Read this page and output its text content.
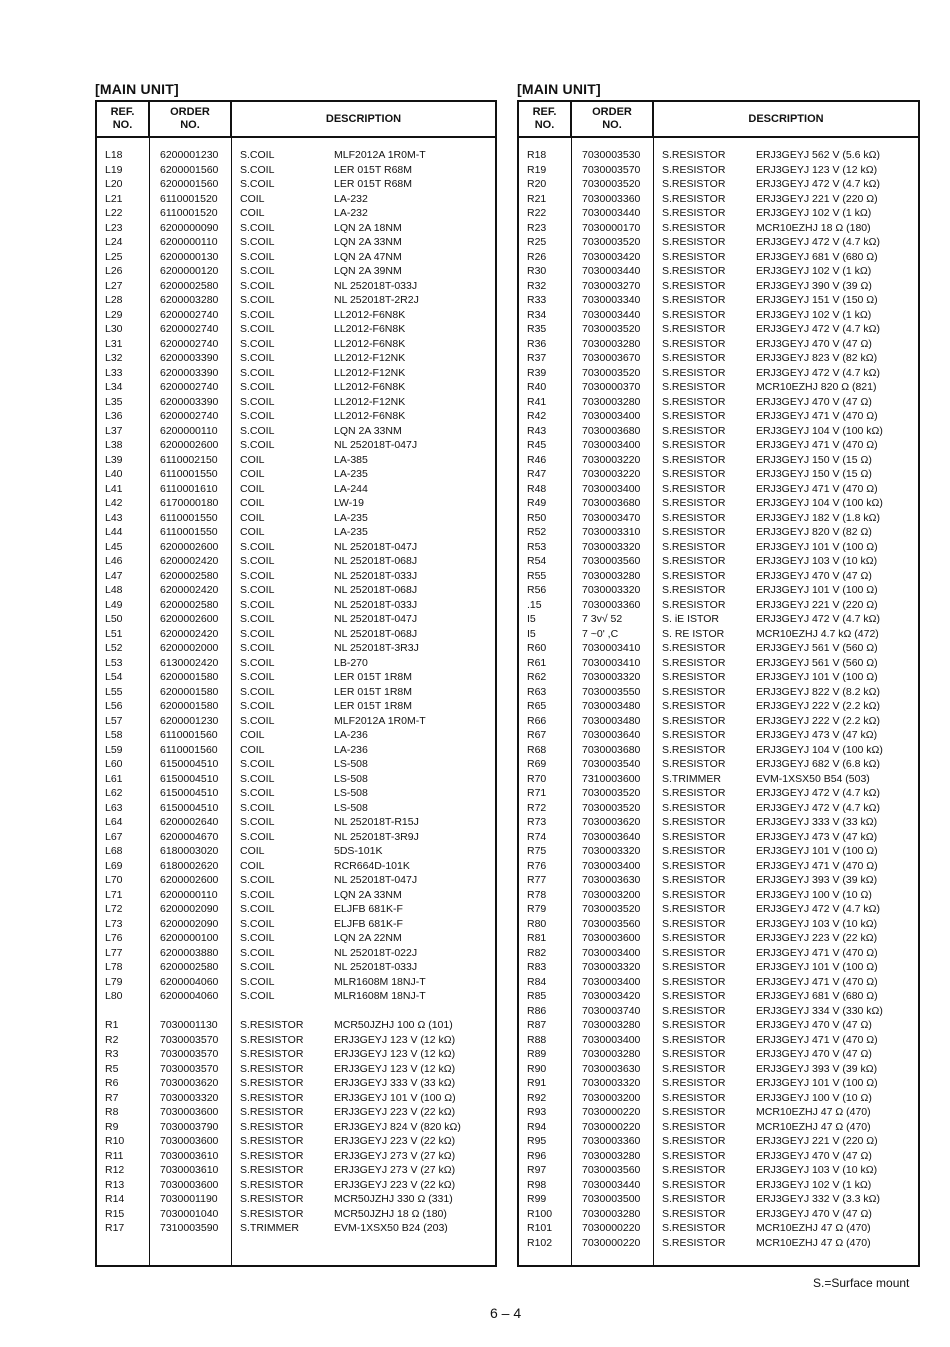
[MAIN UNIT]
REF.
NO.
ORDER
NO.
DESCRIPTION
L18	6200001230	S.COIL	MLF2012A 1R0M-T
L19	6200001560	S.COIL	LER 015T R68M
L20	6200001560	S.COIL	LER 015T R68M
L21	6110001520	COIL	LA-232
L22	6110001520	COIL	LA-232
L23	6200000090	S.COIL	LQN 2A 18NM
L24	6200000110	S.COIL	LQN 2A 33NM
L25	6200000130	S.COIL	LQN 2A 47NM
L26	6200000120	S.COIL	LQN 2A 39NM
L27	6200002580	S.COIL	NL 252018T-033J
L28	6200003280	S.COIL	NL 252018T-2R2J
L29	6200002740	S.COIL	LL2012-F6N8K
L30	6200002740	S.COIL	LL2012-F6N8K
L31	6200002740	S.COIL	LL2012-F6N8K
L32	6200003390	S.COIL	LL2012-F12NK
L33	6200003390	S.COIL	LL2012-F12NK
L34	6200002740	S.COIL	LL2012-F6N8K
L35	6200003390	S.COIL	LL2012-F12NK
L36	6200002740	S.COIL	LL2012-F6N8K
L37	6200000110	S.COIL	LQN 2A 33NM
L38	6200002600	S.COIL	NL 252018T-047J
L39	6110002150	COIL	LA-385
L40	6110001550	COIL	LA-235
L41	6110001610	COIL	LA-244
L42	6170000180	COIL	LW-19
L43	6110001550	COIL	LA-235
L44	6110001550	COIL	LA-235
L45	6200002600	S.COIL	NL 252018T-047J
L46	6200002420	S.COIL	NL 252018T-068J
L47	6200002580	S.COIL	NL 252018T-033J
L48	6200002420	S.COIL	NL 252018T-068J
L49	6200002580	S.COIL	NL 252018T-033J
L50	6200002600	S.COIL	NL 252018T-047J
L51	6200002420	S.COIL	NL 252018T-068J
L52	6200002000	S.COIL	NL 252018T-3R3J
L53	6130002420	S.COIL	LB-270
L54	6200001580	S.COIL	LER 015T 1R8M
L55	6200001580	S.COIL	LER 015T 1R8M
L56	6200001580	S.COIL	LER 015T 1R8M
L57	6200001230	S.COIL	MLF2012A 1R0M-T
L58	6110001560	COIL	LA-236
L59	6110001560	COIL	LA-236
L60	6150004510	S.COIL	LS-508
L61	6150004510	S.COIL	LS-508
L62	6150004510	S.COIL	LS-508
L63	6150004510	S.COIL	LS-508
L64	6200002640	S.COIL	NL 252018T-R15J
L67	6200004670	S.COIL	NL 252018T-3R9J
L68	6180003020	COIL	5DS-101K
L69	6180002620	COIL	RCR664D-101K
L70	6200002600	S.COIL	NL 252018T-047J
L71	6200000110	S.COIL	LQN 2A 33NM
L72	6200002090	S.COIL	ELJFB 681K-F
L73	6200002090	S.COIL	ELJFB 681K-F
L76	6200000100	S.COIL	LQN 2A 22NM
L77	6200003880	S.COIL	NL 252018T-022J
L78	6200002580	S.COIL	NL 252018T-033J
L79	6200004060	S.COIL	MLR1608M 18NJ-T
L80	6200004060	S.COIL	MLR1608M 18NJ-T
R1	7030001130	S.RESISTOR	MCR50JZHJ 100 Ω (101)
R2	7030003570	S.RESISTOR	ERJ3GEYJ 123 V (12 kΩ)
R3	7030003570	S.RESISTOR	ERJ3GEYJ 123 V (12 kΩ)
R5	7030003570	S.RESISTOR	ERJ3GEYJ 123 V (12 kΩ)
R6	7030003620	S.RESISTOR	ERJ3GEYJ 333 V (33 kΩ)
R7	7030003320	S.RESISTOR	ERJ3GEYJ 101 V (100 Ω)
R8	7030003600	S.RESISTOR	ERJ3GEYJ 223 V (22 kΩ)
R9	7030003790	S.RESISTOR	ERJ3GEYJ 824 V (820 kΩ)
R10	7030003600	S.RESISTOR	ERJ3GEYJ 223 V (22 kΩ)
R11	7030003610	S.RESISTOR	ERJ3GEYJ 273 V (27 kΩ)
R12	7030003610	S.RESISTOR	ERJ3GEYJ 273 V (27 kΩ)
R13	7030003600	S.RESISTOR	ERJ3GEYJ 223 V (22 kΩ)
R14	7030001190	S.RESISTOR	MCR50JZHJ 330 Ω (331)
R15	7030001040	S.RESISTOR	MCR50JZHJ 18 Ω (180)
R17	7310003590	S.TRIMMER	EVM-1XSX50 B24 (203)
[MAIN UNIT]
REF.
NO.
ORDER
NO.
DESCRIPTION
R18	7030003530	S.RESISTOR	ERJ3GEYJ 562 V (5.6 kΩ)
R19	7030003570	S.RESISTOR	ERJ3GEYJ 123 V (12 kΩ)
R20	7030003520	S.RESISTOR	ERJ3GEYJ 472 V (4.7 kΩ)
R21	7030003360	S.RESISTOR	ERJ3GEYJ 221 V (220 Ω)
R22	7030003440	S.RESISTOR	ERJ3GEYJ 102 V (1 kΩ)
R23	7030000170	S.RESISTOR	MCR10EZHJ 18 Ω (180)
R25	7030003520	S.RESISTOR	ERJ3GEYJ 472 V (4.7 kΩ)
R26	7030003420	S.RESISTOR	ERJ3GEYJ 681 V (680 Ω)
R30	7030003440	S.RESISTOR	ERJ3GEYJ 102 V (1 kΩ)
R32	7030003270	S.RESISTOR	ERJ3GEYJ 390 V (39 Ω)
R33	7030003340	S.RESISTOR	ERJ3GEYJ 151 V (150 Ω)
R34	7030003440	S.RESISTOR	ERJ3GEYJ 102 V (1 kΩ)
R35	7030003520	S.RESISTOR	ERJ3GEYJ 472 V (4.7 kΩ)
R36	7030003280	S.RESISTOR	ERJ3GEYJ 470 V (47 Ω)
R37	7030003670	S.RESISTOR	ERJ3GEYJ 823 V (82 kΩ)
R39	7030003520	S.RESISTOR	ERJ3GEYJ 472 V (4.7 kΩ)
R40	7030000370	S.RESISTOR	MCR10EZHJ 820 Ω (821)
R41	7030003280	S.RESISTOR	ERJ3GEYJ 470 V (47 Ω)
R42	7030003400	S.RESISTOR	ERJ3GEYJ 471 V (470 Ω)
R43	7030003680	S.RESISTOR	ERJ3GEYJ 104 V (100 kΩ)
R45	7030003400	S.RESISTOR	ERJ3GEYJ 471 V (470 Ω)
R46	7030003220	S.RESISTOR	ERJ3GEYJ 150 V (15 Ω)
R47	7030003220	S.RESISTOR	ERJ3GEYJ 150 V (15 Ω)
R48	7030003400	S.RESISTOR	ERJ3GEYJ 471 V (470 Ω)
R49	7030003680	S.RESISTOR	ERJ3GEYJ 104 V (100 kΩ)
R50	7030003470	S.RESISTOR	ERJ3GEYJ 182 V (1.8 kΩ)
R52	7030003310	S.RESISTOR	ERJ3GEYJ 820 V (82 Ω)
R53	7030003320	S.RESISTOR	ERJ3GEYJ 101 V (100 Ω)
R54	7030003560	S.RESISTOR	ERJ3GEYJ 103 V (10 kΩ)
R55	7030003280	S.RESISTOR	ERJ3GEYJ 470 V (47 Ω)
R56	7030003320	S.RESISTOR	ERJ3GEYJ 101 V (100 Ω)
.15	7030003360	S.RESISTOR	ERJ3GEYJ 221 V (220 Ω)
I5	7 3v√ 52	S. iE ISTOR	ERJ3GEYJ 472 V (4.7 kΩ)
I5	7 ~0' ,C	S. RE ISTOR	MCR10EZHJ 4.7 kΩ (472)
R60	7030003410	S.RESISTOR	ERJ3GEYJ 561 V (560 Ω)
R61	7030003410	S.RESISTOR	ERJ3GEYJ 561 V (560 Ω)
R62	7030003320	S.RESISTOR	ERJ3GEYJ 101 V (100 Ω)
R63	7030003550	S.RESISTOR	ERJ3GEYJ 822 V (8.2 kΩ)
R65	7030003480	S.RESISTOR	ERJ3GEYJ 222 V (2.2 kΩ)
R66	7030003480	S.RESISTOR	ERJ3GEYJ 222 V (2.2 kΩ)
R67	7030003640	S.RESISTOR	ERJ3GEYJ 473 V (47 kΩ)
R68	7030003680	S.RESISTOR	ERJ3GEYJ 104 V (100 kΩ)
R69	7030003540	S.RESISTOR	ERJ3GEYJ 682 V (6.8 kΩ)
R70	7310003600	S.TRIMMER	EVM-1XSX50 B54 (503)
R71	7030003520	S.RESISTOR	ERJ3GEYJ 472 V (4.7 kΩ)
R72	7030003520	S.RESISTOR	ERJ3GEYJ 472 V (4.7 kΩ)
R73	7030003620	S.RESISTOR	ERJ3GEYJ 333 V (33 kΩ)
R74	7030003640	S.RESISTOR	ERJ3GEYJ 473 V (47 kΩ)
R75	7030003320	S.RESISTOR	ERJ3GEYJ 101 V (100 Ω)
R76	7030003400	S.RESISTOR	ERJ3GEYJ 471 V (470 Ω)
R77	7030003630	S.RESISTOR	ERJ3GEYJ 393 V (39 kΩ)
R78	7030003200	S.RESISTOR	ERJ3GEYJ 100 V (10 Ω)
R79	7030003520	S.RESISTOR	ERJ3GEYJ 472 V (4.7 kΩ)
R80	7030003560	S.RESISTOR	ERJ3GEYJ 103 V (10 kΩ)
R81	7030003600	S.RESISTOR	ERJ3GEYJ 223 V (22 kΩ)
R82	7030003400	S.RESISTOR	ERJ3GEYJ 471 V (470 Ω)
R83	7030003320	S.RESISTOR	ERJ3GEYJ 101 V (100 Ω)
R84	7030003400	S.RESISTOR	ERJ3GEYJ 471 V (470 Ω)
R85	7030003420	S.RESISTOR	ERJ3GEYJ 681 V (680 Ω)
R86	7030003740	S.RESISTOR	ERJ3GEYJ 334 V (330 kΩ)
R87	7030003280	S.RESISTOR	ERJ3GEYJ 470 V (47 Ω)
R88	7030003400	S.RESISTOR	ERJ3GEYJ 471 V (470 Ω)
R89	7030003280	S.RESISTOR	ERJ3GEYJ 470 V (47 Ω)
R90	7030003630	S.RESISTOR	ERJ3GEYJ 393 V (39 kΩ)
R91	7030003320	S.RESISTOR	ERJ3GEYJ 101 V (100 Ω)
R92	7030003200	S.RESISTOR	ERJ3GEYJ 100 V (10 Ω)
R93	7030000220	S.RESISTOR	MCR10EZHJ 47 Ω (470)
R94	7030000220	S.RESISTOR	MCR10EZHJ 47 Ω (470)
R95	7030003360	S.RESISTOR	ERJ3GEYJ 221 V (220 Ω)
R96	7030003280	S.RESISTOR	ERJ3GEYJ 470 V (47 Ω)
R97	7030003560	S.RESISTOR	ERJ3GEYJ 103 V (10 kΩ)
R98	7030003440	S.RESISTOR	ERJ3GEYJ 102 V (1 kΩ)
R99	7030003500	S.RESISTOR	ERJ3GEYJ 332 V (3.3 kΩ)
R100	7030003280	S.RESISTOR	ERJ3GEYJ 470 V (47 Ω)
R101	7030000220	S.RESISTOR	MCR10EZHJ 47 Ω (470)
R102	7030000220	S.RESISTOR	MCR10EZHJ 47 Ω (470)
S.=Surface mount
6 – 4
